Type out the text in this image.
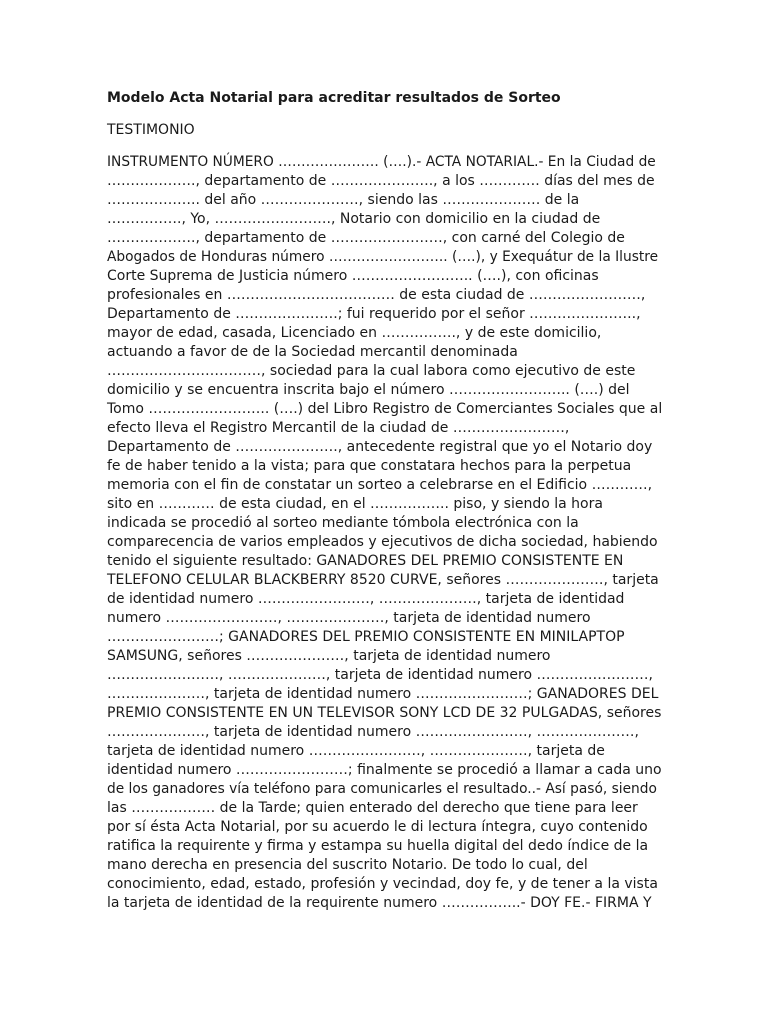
Modelo Acta Notarial para acreditar resultados de Sorteo

TESTIMONIO

INSTRUMENTO NÚMERO …………………. (….).- ACTA NOTARIAL.- En la Ciudad de
………………., departamento de …………………., a los …………. días del mes de
……………….. del año …………………, siendo las ………………… de la
……………., Yo, ……………………., Notario con domicilio en la ciudad de
………………., departamento de ……………………, con carné del Colegio de
Abogados de Honduras número …………………….. (….), y Exequátur de la Ilustre
Corte Suprema de Justicia número …………………….. (….), con oficinas
profesionales en ……………………………… de esta ciudad de ……………………,
Departamento de ………………….; fui requerido por el señor …………………..,
mayor de edad, casada, Licenciado en ……………., y de este domicilio,
actuando a favor de de la Sociedad mercantil denominada
……………………………, sociedad para la cual labora como ejecutivo de este
domicilio y se encuentra inscrita bajo el número …………………….. (….) del
Tomo …………………….. (….) del Libro Registro de Comerciantes Sociales que al
efecto lleva el Registro Mercantil de la ciudad de ……………………,
Departamento de …………………., antecedente registral que yo el Notario doy
fe de haber tenido a la vista; para que constatara hechos para la perpetua
memoria con el fin de constatar un sorteo a celebrarse en el Edificio …………,
sito en ………… de esta ciudad, en el …………….. piso, y siendo la hora
indicada se procedió al sorteo mediante tómbola electrónica con la
comparecencia de varios empleados y ejecutivos de dicha sociedad, habiendo
tenido el siguiente resultado: GANADORES DEL PREMIO CONSISTENTE EN
TELEFONO CELULAR BLACKBERRY 8520 CURVE, señores …………………, tarjeta
de identidad numero ……………………, …………………, tarjeta de identidad
numero ……………………, …………………, tarjeta de identidad numero
……………………; GANADORES DEL PREMIO CONSISTENTE EN MINILAPTOP
SAMSUNG, señores …………………, tarjeta de identidad numero
……………………, …………………, tarjeta de identidad numero ……………………,
…………………, tarjeta de identidad numero ……………………; GANADORES DEL
PREMIO CONSISTENTE EN UN TELEVISOR SONY LCD DE 32 PULGADAS, señores
…………………, tarjeta de identidad numero ……………………, …………………,
tarjeta de identidad numero ……………………, …………………, tarjeta de
identidad numero ……………………; finalmente se procedió a llamar a cada uno
de los ganadores vía teléfono para comunicarles el resultado..- Así pasó, siendo
las ……………… de la Tarde; quien enterado del derecho que tiene para leer
por sí ésta Acta Notarial, por su acuerdo le di lectura íntegra, cuyo contenido
ratifica la requirente y firma y estampa su huella digital del dedo índice de la
mano derecha en presencia del suscrito Notario. De todo lo cual, del
conocimiento, edad, estado, profesión y vecindad, doy fe, y de tener a la vista
la tarjeta de identidad de la requirente numero ……………..- DOY FE.- FIRMA Y
